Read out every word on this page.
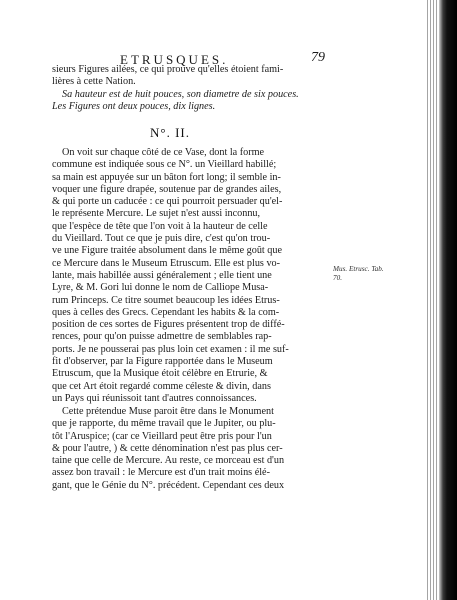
ETRUSQUES.	79
sieurs Figures ailées, ce qui prouve qu'elles étoient fami-
lières à cette Nation.
Sa hauteur est de huit pouces, son diametre de six pouces.
Les Figures ont deux pouces, dix lignes.
N°. II.
On voit sur chaque côté de ce Vase, dont la forme
commune est indiquée sous ce N°. un Vieillard habillé;
sa main est appuyée sur un bâton fort long; il semble in-
voquer une figure drapée, soutenue par de grandes ailes,
& qui porte un caducée : ce qui pourroit persuader qu'el-
le représente Mercure. Le sujet n'est aussi inconnu,
que l'espèce de tête que l'on voit à la hauteur de celle
du Vieillard. Tout ce que je puis dire, c'est qu'on trou-
ve une Figure traitée absolument dans le même goût que
ce Mercure dans le Museum Etruscum. Elle est plus vo-
lante, mais habillée aussi généralement ; elle tient une
Lyre, & M. Gori lui donne le nom de Calliope Musa-
rum Princeps. Ce titre soumet beaucoup les idées Etrus-
ques à celles des Grecs. Cependant les habits & la com-
position de ces sortes de Figures présentent trop de diffé-
rences, pour qu'on puisse admettre de semblables rap-
ports. Je ne pousserai pas plus loin cet examen : il me suf-
fit d'observer, par la Figure rapportée dans le Museum
Etruscum, que la Musique étoit célèbre en Etrurie, &
que cet Art étoit regardé comme céleste & divin, dans
un Pays qui réunissoit tant d'autres connoissances.
Cette prétendue Muse paroit être dans le Monument
que je rapporte, du même travail que le Jupiter, ou plu-
tôt l'Aruspice; (car ce Vieillard peut être pris pour l'un
& pour l'autre, ) & cette dénomination n'est pas plus cer-
taine que celle de Mercure. Au reste, ce morceau est d'un
assez bon travail : le Mercure est d'un trait moins élé-
gant, que le Génie du N°. précédent. Cependant ces deux
Mus. Etrusc. Tab.
70.
